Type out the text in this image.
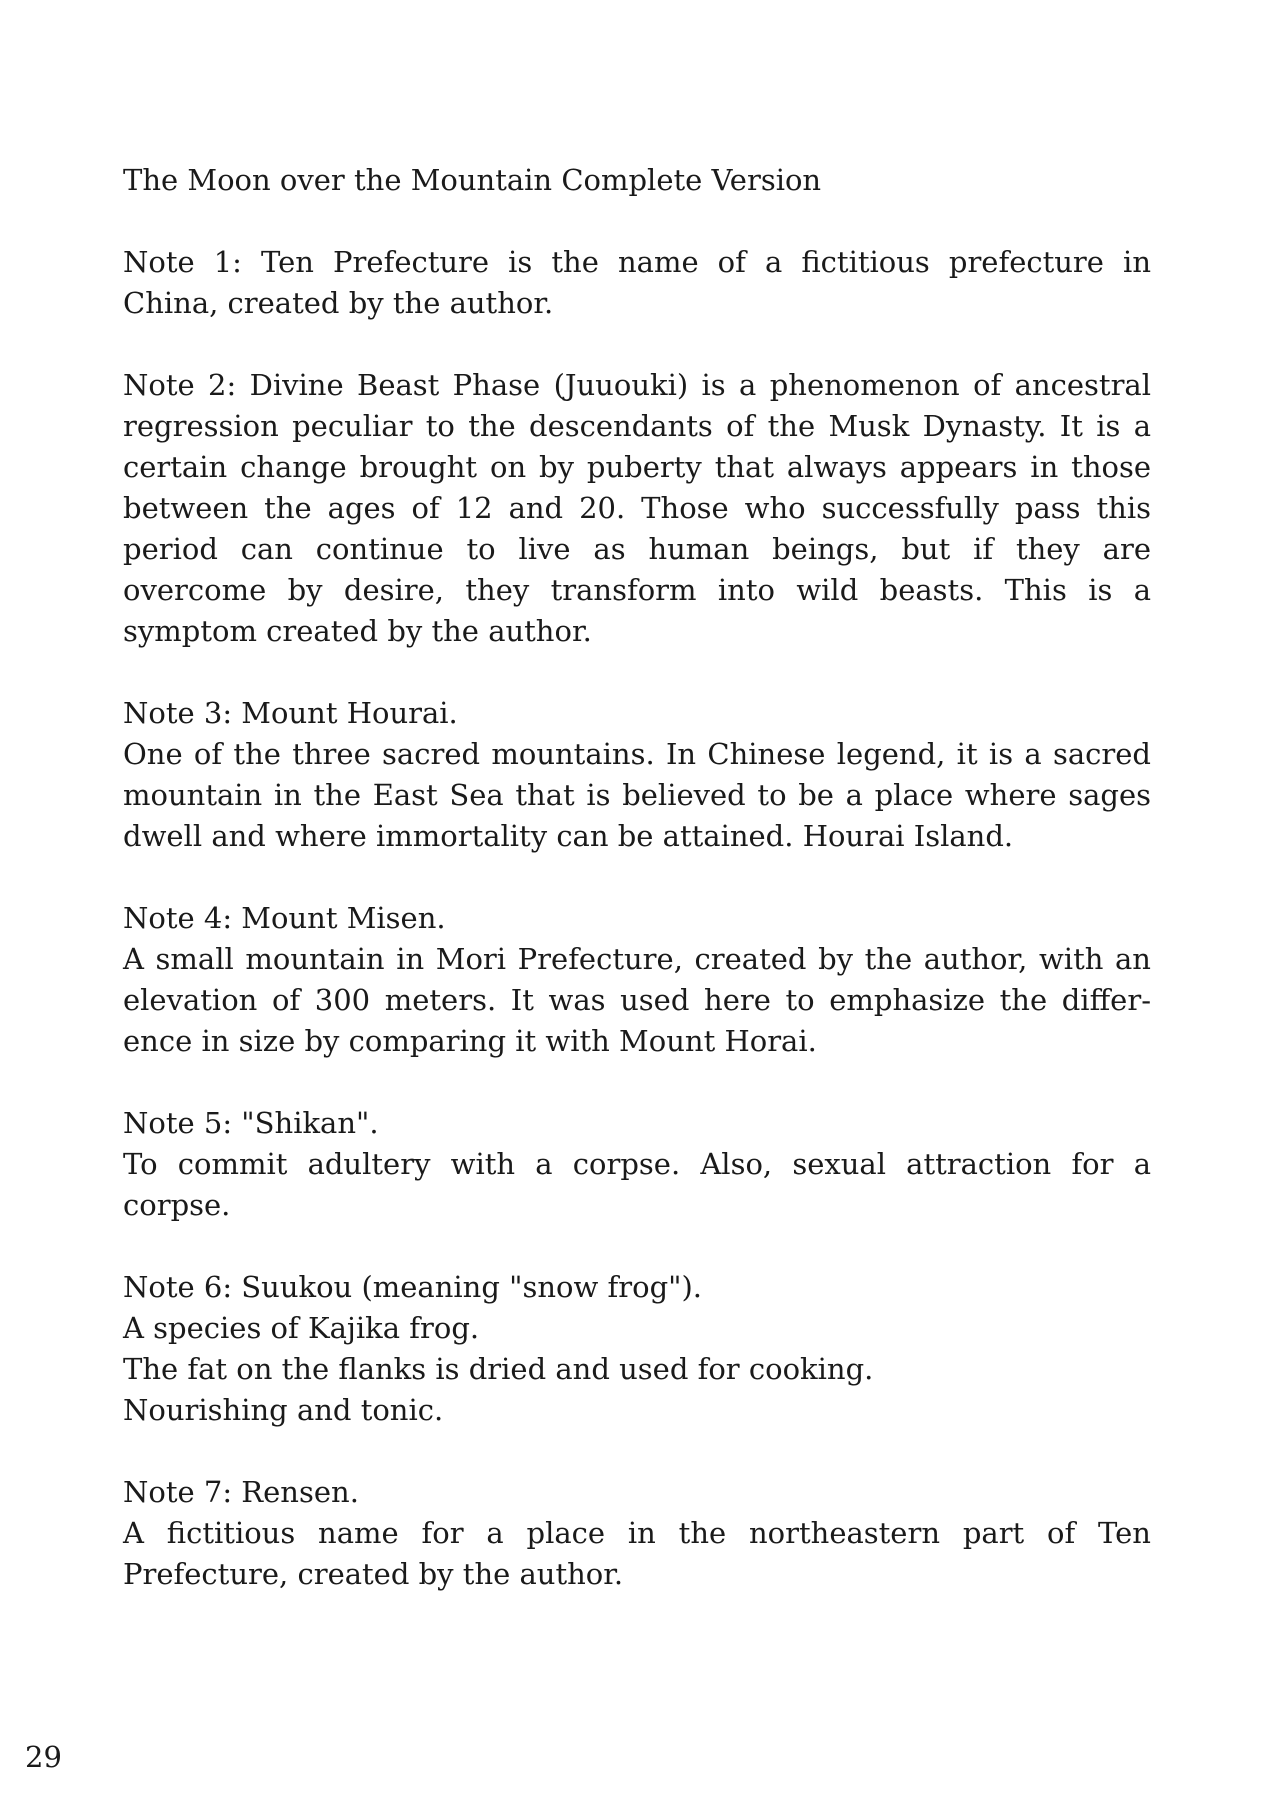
The Moon over the Mountain Complete Version
Note 1: Ten Prefecture is the name of a fictitious prefecture in
China, created by the author.
Note 2: Divine Beast Phase (Juuouki) is a phenomenon of ancestral
regression peculiar to the descendants of the Musk Dynasty. It is a
certain change brought on by puberty that always appears in those
between the ages of 12 and 20. Those who successfully pass this
period can continue to live as human beings, but if they are
overcome by desire, they transform into wild beasts. This is a
symptom created by the author.
Note 3: Mount Hourai.
One of the three sacred mountains. In Chinese legend, it is a sacred
mountain in the East Sea that is believed to be a place where sages
dwell and where immortality can be attained. Hourai Island.
Note 4: Mount Misen.
A small mountain in Mori Prefecture, created by the author, with an
elevation of 300 meters. It was used here to emphasize the differ-
ence in size by comparing it with Mount Horai.
Note 5: "Shikan".
To commit adultery with a corpse. Also, sexual attraction for a
corpse.
Note 6: Suukou (meaning "snow frog").
A species of Kajika frog.
The fat on the flanks is dried and used for cooking.
Nourishing and tonic.
Note 7: Rensen.
A fictitious name for a place in the northeastern part of Ten
Prefecture, created by the author.
29
